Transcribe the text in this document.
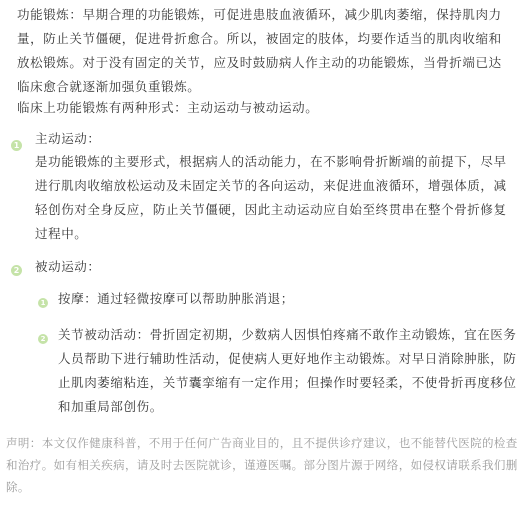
功能锻炼：早期合理的功能锻炼，可促进患肢血液循环，减少肌肉萎缩，保持肌肉力量，防止关节僵硬，促进骨折愈合。所以，被固定的肢体，均要作适当的肌肉收缩和放松锻炼。对于没有固定的关节，应及时鼓励病人作主动的功能锻炼，当骨折端已达临床愈合就逐渐加强负重锻炼。

临床上功能锻炼有两种形式：主动运动与被动运动。

1 主动运动：

是功能锻炼的主要形式，根据病人的活动能力，在不影响骨折断端的前提下，尽早进行肌肉收缩放松运动及未固定关节的各向运动，来促进血液循环，增强体质，减轻创伤对全身反应，防止关节僵硬，因此主动运动应自始至终贯串在整个骨折修复过程中。

2 被动运动：
1 按摩：通过轻微按摩可以帮助肿胀消退；

2 关节被动活动：骨折固定初期，少数病人因惧怕疼痛不敢作主动锻炼，宜在医务人员帮助下进行辅助性活动，促使病人更好地作主动锻炼。对早日消除肿胀，防止肌肉萎缩粘连，关节囊挛缩有一定作用；但操作时要轻柔，不使骨折再度移位和加重局部创伤。

声明：本文仅作健康科普，不用于任何广告商业目的，且不提供诊疗建议，也不能替代医院的检查和治疗。如有相关疾病，请及时去医院就诊，谨遵医嘱。部分图片源于网络，如侵权请联系我们删除。
